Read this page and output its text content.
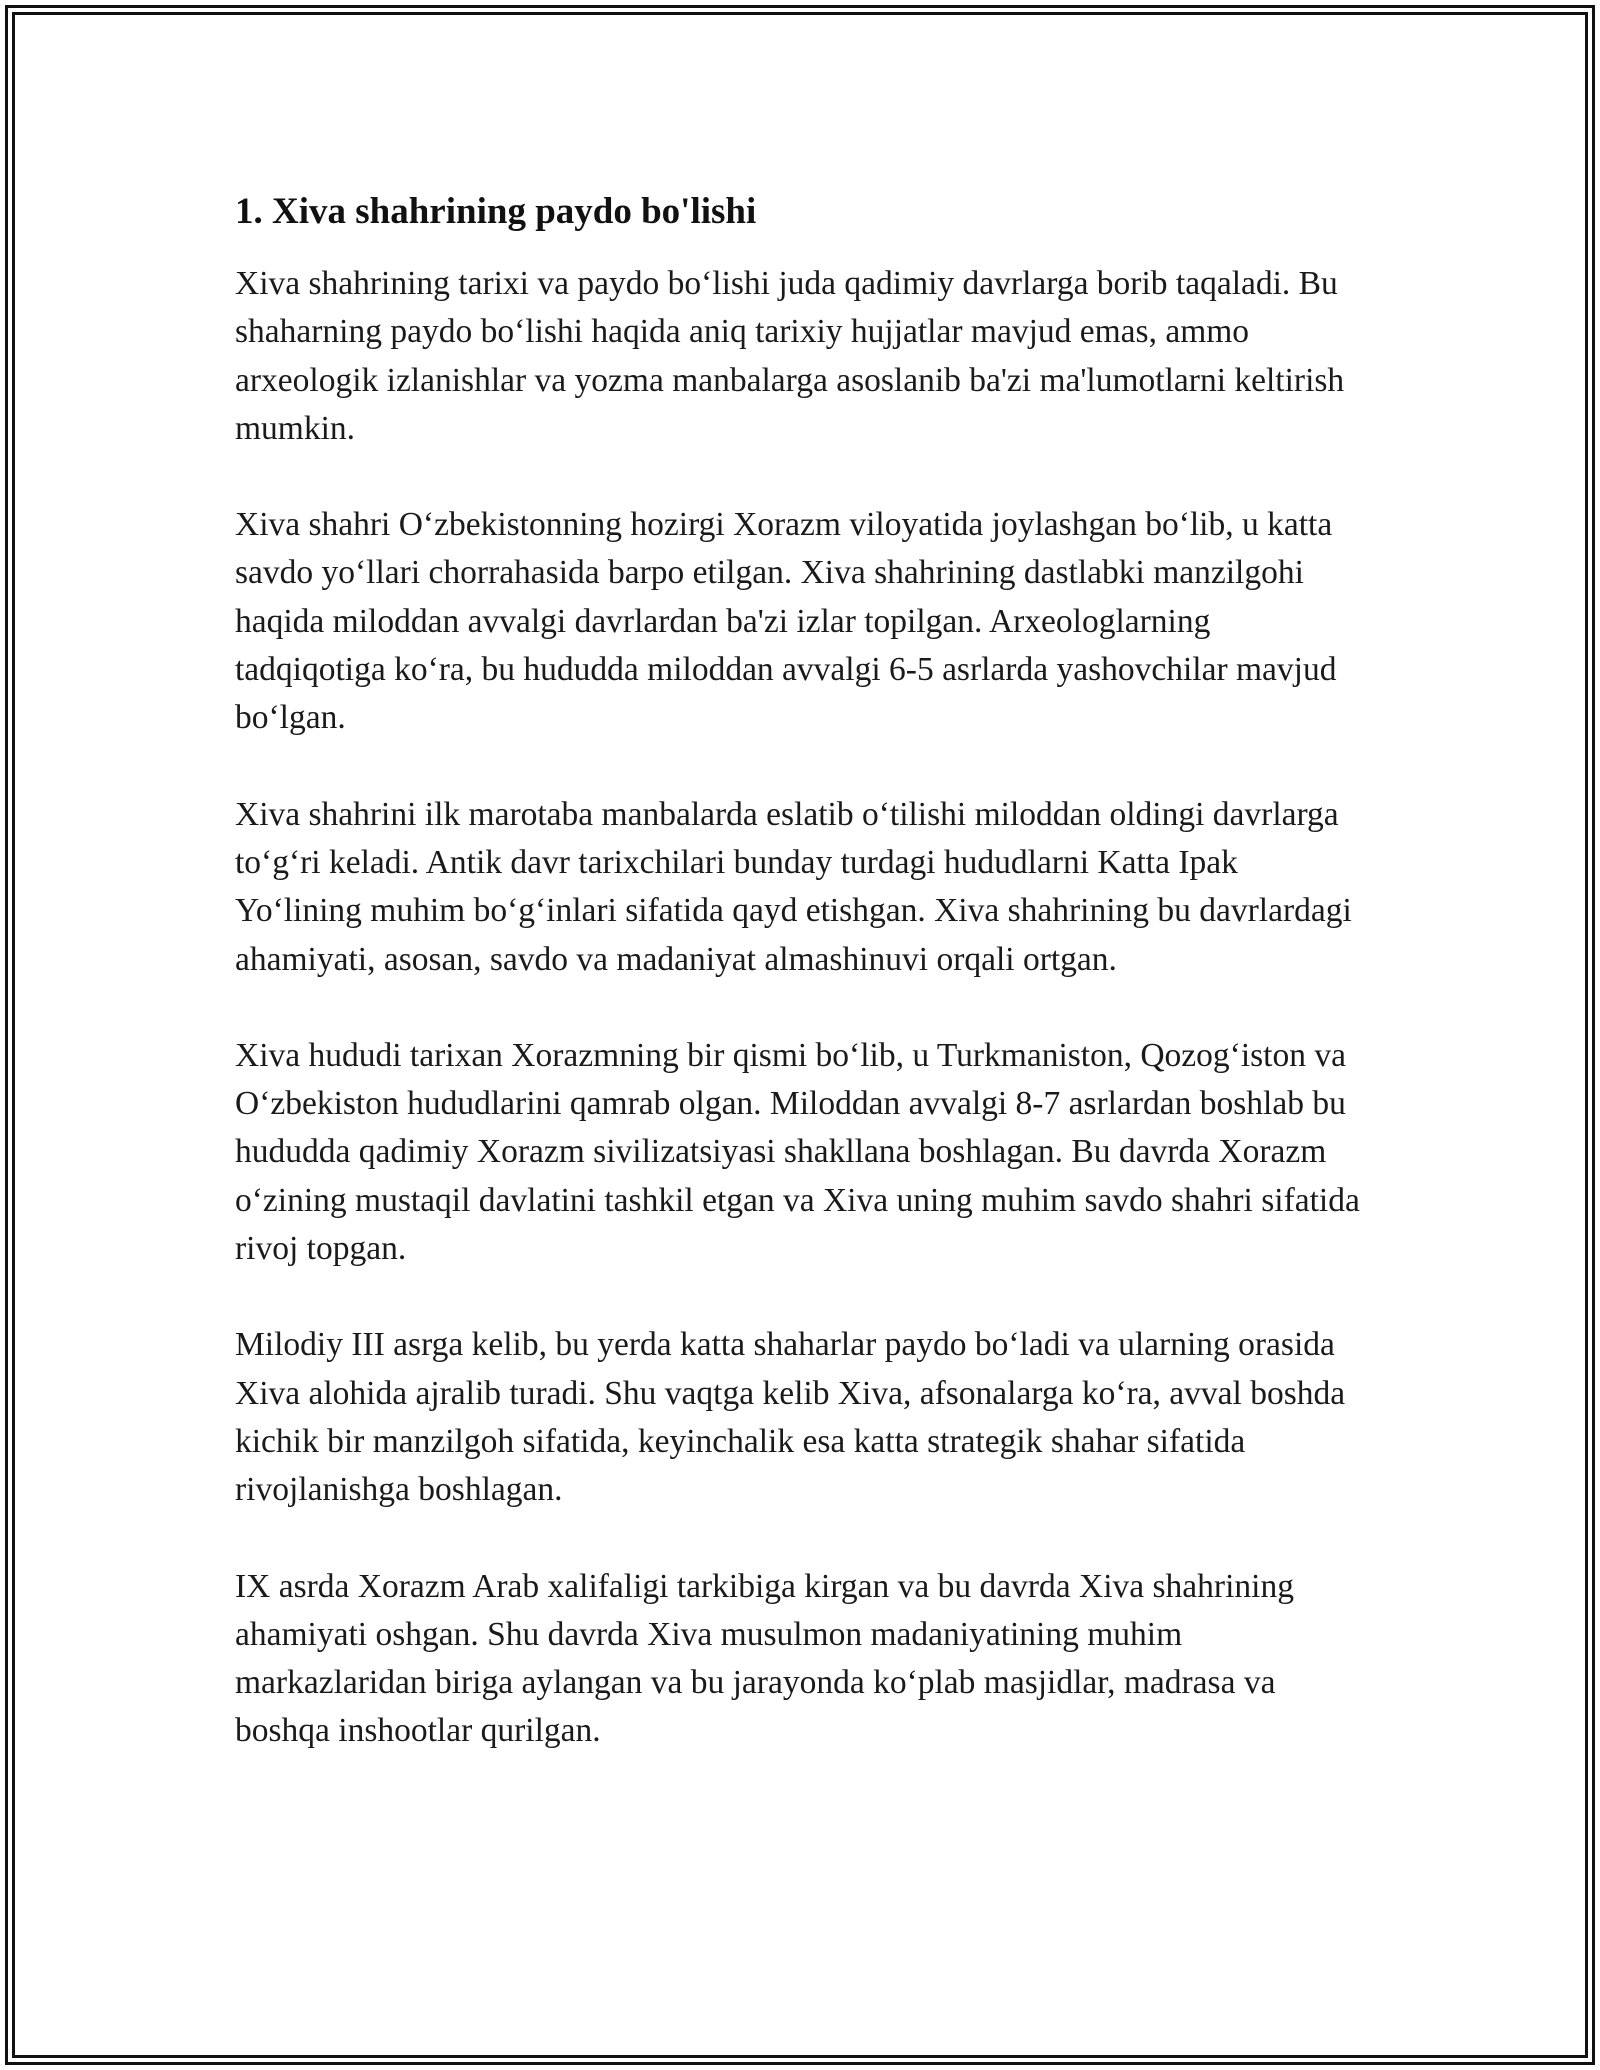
1. Xiva shahrining paydo bo'lishi

Xiva shahrining tarixi va paydo bo‘lishi juda qadimiy davrlarga borib taqaladi. Bu shaharning paydo bo‘lishi haqida aniq tarixiy hujjatlar mavjud emas, ammo arxeologik izlanishlar va yozma manbalarga asoslanib ba'zi ma'lumotlarni keltirish mumkin.

Xiva shahri O‘zbekistonning hozirgi Xorazm viloyatida joylashgan bo‘lib, u katta savdo yo‘llari chorrahasida barpo etilgan. Xiva shahrining dastlabki manzilgohi haqida miloddan avvalgi davrlardan ba'zi izlar topilgan. Arxeologlarning tadqiqotiga ko‘ra, bu hududda miloddan avvalgi 6-5 asrlarda yashovchilar mavjud bo‘lgan.

Xiva shahrini ilk marotaba manbalarda eslatib o‘tilishi miloddan oldingi davrlarga to‘g‘ri keladi. Antik davr tarixchilari bunday turdagi hududlarni Katta Ipak Yo‘lining muhim bo‘g‘inlari sifatida qayd etishgan. Xiva shahrining bu davrlardagi ahamiyati, asosan, savdo va madaniyat almashinuvi orqali ortgan.

Xiva hududi tarixan Xorazmning bir qismi bo‘lib, u Turkmaniston, Qozog‘iston va O‘zbekiston hududlarini qamrab olgan. Miloddan avvalgi 8-7 asrlardan boshlab bu hududda qadimiy Xorazm sivilizatsiyasi shakllana boshlagan. Bu davrda Xorazm o‘zining mustaqil davlatini tashkil etgan va Xiva uning muhim savdo shahri sifatida rivoj topgan.

Milodiy III asrga kelib, bu yerda katta shaharlar paydo bo‘ladi va ularning orasida Xiva alohida ajralib turadi. Shu vaqtga kelib Xiva, afsonalarga ko‘ra, avval boshda kichik bir manzilgoh sifatida, keyinchalik esa katta strategik shahar sifatida rivojlanishga boshlagan.

IX asrda Xorazm Arab xalifaligi tarkibiga kirgan va bu davrda Xiva shahrining ahamiyati oshgan. Shu davrda Xiva musulmon madaniyatining muhim markazlaridan biriga aylangan va bu jarayonda ko‘plab masjidlar, madrasa va boshqa inshootlar qurilgan.
